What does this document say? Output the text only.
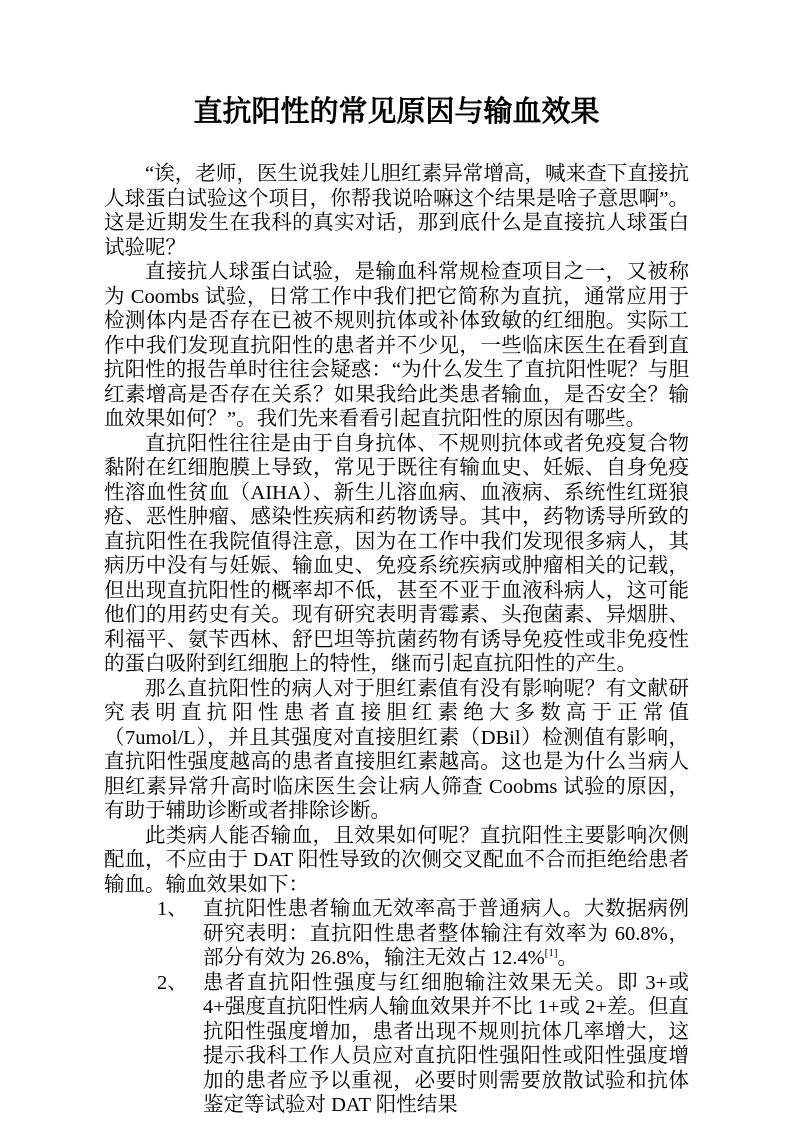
直抗阳性的常见原因与输血效果

“诶，老师，医生说我娃儿胆红素异常增高，喊来查下直接抗人球蛋白试验这个项目，你帮我说哈嘛这个结果是啥子意思啊”。这是近期发生在我科的真实对话，那到底什么是直接抗人球蛋白试验呢？

直接抗人球蛋白试验，是输血科常规检查项目之一，又被称为 Coombs 试验，日常工作中我们把它简称为直抗，通常应用于检测体内是否存在已被不规则抗体或补体致敏的红细胞。实际工作中我们发现直抗阳性的患者并不少见，一些临床医生在看到直抗阳性的报告单时往往会疑惑：“为什么发生了直抗阳性呢？与胆红素增高是否存在关系？如果我给此类患者输血，是否安全？输血效果如何？”。我们先来看看引起直抗阳性的原因有哪些。

直抗阳性往往是由于自身抗体、不规则抗体或者免疫复合物黏附在红细胞膜上导致，常见于既往有输血史、妊娠、自身免疫性溶血性贫血（AIHA）、新生儿溶血病、血液病、系统性红斑狼疮、恶性肿瘤、感染性疾病和药物诱导。其中，药物诱导所致的直抗阳性在我院值得注意，因为在工作中我们发现很多病人，其病历中没有与妊娠、输血史、免疫系统疾病或肿瘤相关的记载，但出现直抗阳性的概率却不低，甚至不亚于血液科病人，这可能他们的用药史有关。现有研究表明青霉素、头孢菌素、异烟肼、利福平、氨苄西林、舒巴坦等抗菌药物有诱导免疫性或非免疫性的蛋白吸附到红细胞上的特性，继而引起直抗阳性的产生。

那么直抗阳性的病人对于胆红素值有没有影响呢？有文献研究表明直抗阳性患者直接胆红素绝大多数高于正常值（7umol/L），并且其强度对直接胆红素（DBil）检测值有影响，直抗阳性强度越高的患者直接胆红素越高。这也是为什么当病人胆红素异常升高时临床医生会让病人筛查 Coobms 试验的原因，有助于辅助诊断或者排除诊断。

此类病人能否输血，且效果如何呢？直抗阳性主要影响次侧配血，不应由于 DAT 阳性导致的次侧交叉配血不合而拒绝给患者输血。输血效果如下：

1、 直抗阳性患者输血无效率高于普通病人。大数据病例研究表明：直抗阳性患者整体输注有效率为 60.8%，部分有效为 26.8%，输注无效占 12.4%[1]。
2、 患者直抗阳性强度与红细胞输注效果无关。即 3+或 4+强度直抗阳性病人输血效果并不比 1+或 2+差。但直抗阳性强度增加，患者出现不规则抗体几率增大，这提示我科工作人员应对直抗阳性强阳性或阳性强度增加的患者应予以重视，必要时则需要放散试验和抗体鉴定等试验对 DAT 阳性结果
